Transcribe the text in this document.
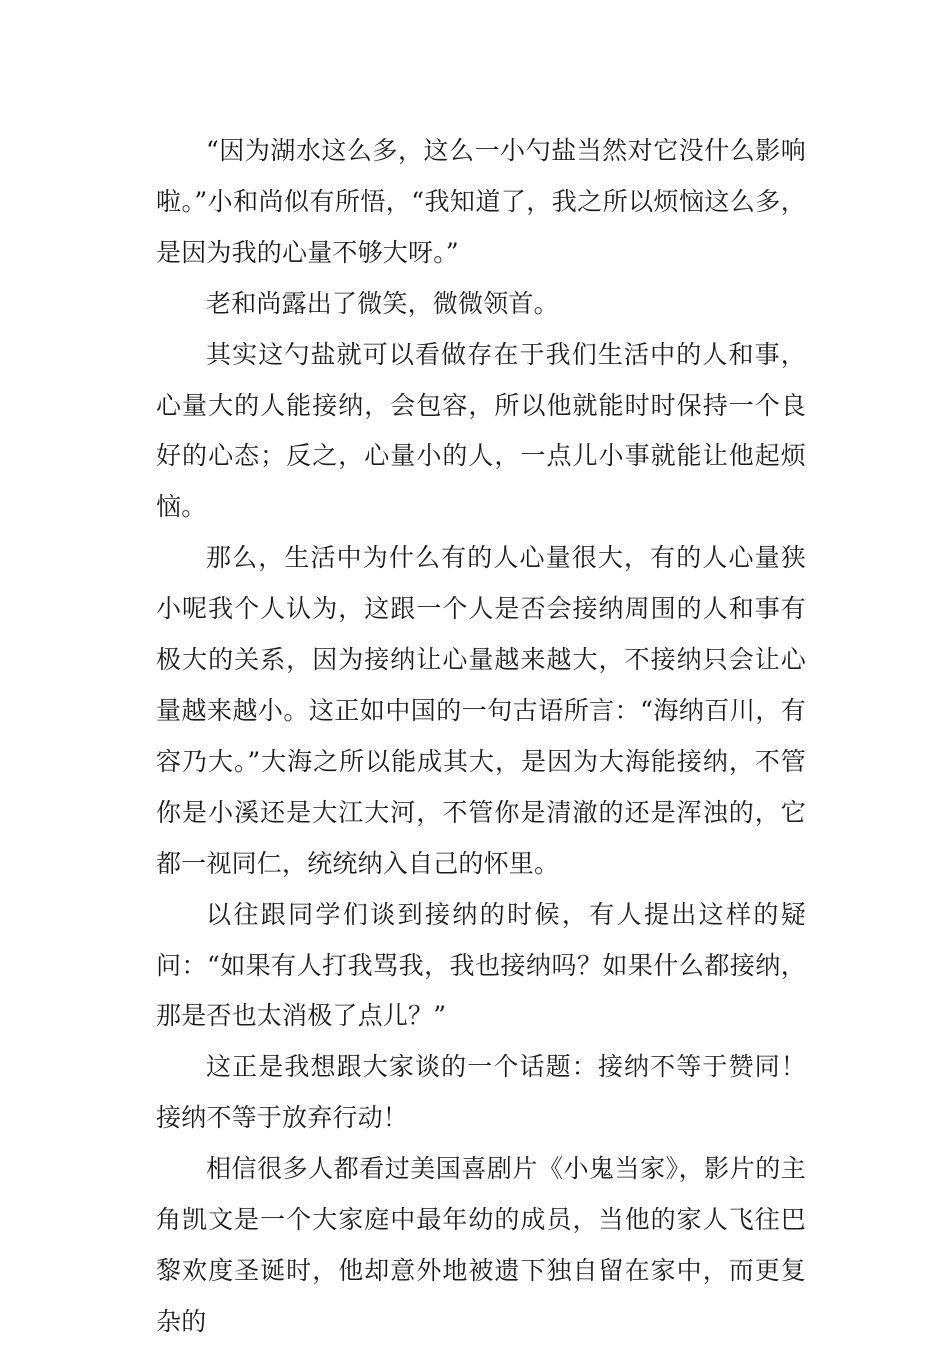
“因为湖水这么多，这么一小勺盐当然对它没什么影响啦。”小和尚似有所悟，“我知道了，我之所以烦恼这么多，是因为我的心量不够大呀。”

老和尚露出了微笑，微微领首。

其实这勺盐就可以看做存在于我们生活中的人和事，心量大的人能接纳，会包容，所以他就能时时保持一个良好的心态；反之，心量小的人，一点儿小事就能让他起烦恼。

那么，生活中为什么有的人心量很大，有的人心量狭小呢我个人认为，这跟一个人是否会接纳周围的人和事有极大的关系，因为接纳让心量越来越大，不接纳只会让心量越来越小。这正如中国的一句古语所言：“海纳百川，有容乃大。”大海之所以能成其大，是因为大海能接纳，不管你是小溪还是大江大河，不管你是清澈的还是浑浊的，它都一视同仁，统统纳入自己的怀里。

以往跟同学们谈到接纳的时候，有人提出这样的疑问：“如果有人打我骂我，我也接纳吗？如果什么都接纳，那是否也太消极了点儿？”

这正是我想跟大家谈的一个话题：接纳不等于赞同！接纳不等于放弃行动！

相信很多人都看过美国喜剧片《小鬼当家》，影片的主角凯文是一个大家庭中最年幼的成员，当他的家人飞往巴黎欢度圣诞时，他却意外地被遗下独自留在家中，而更复杂的
